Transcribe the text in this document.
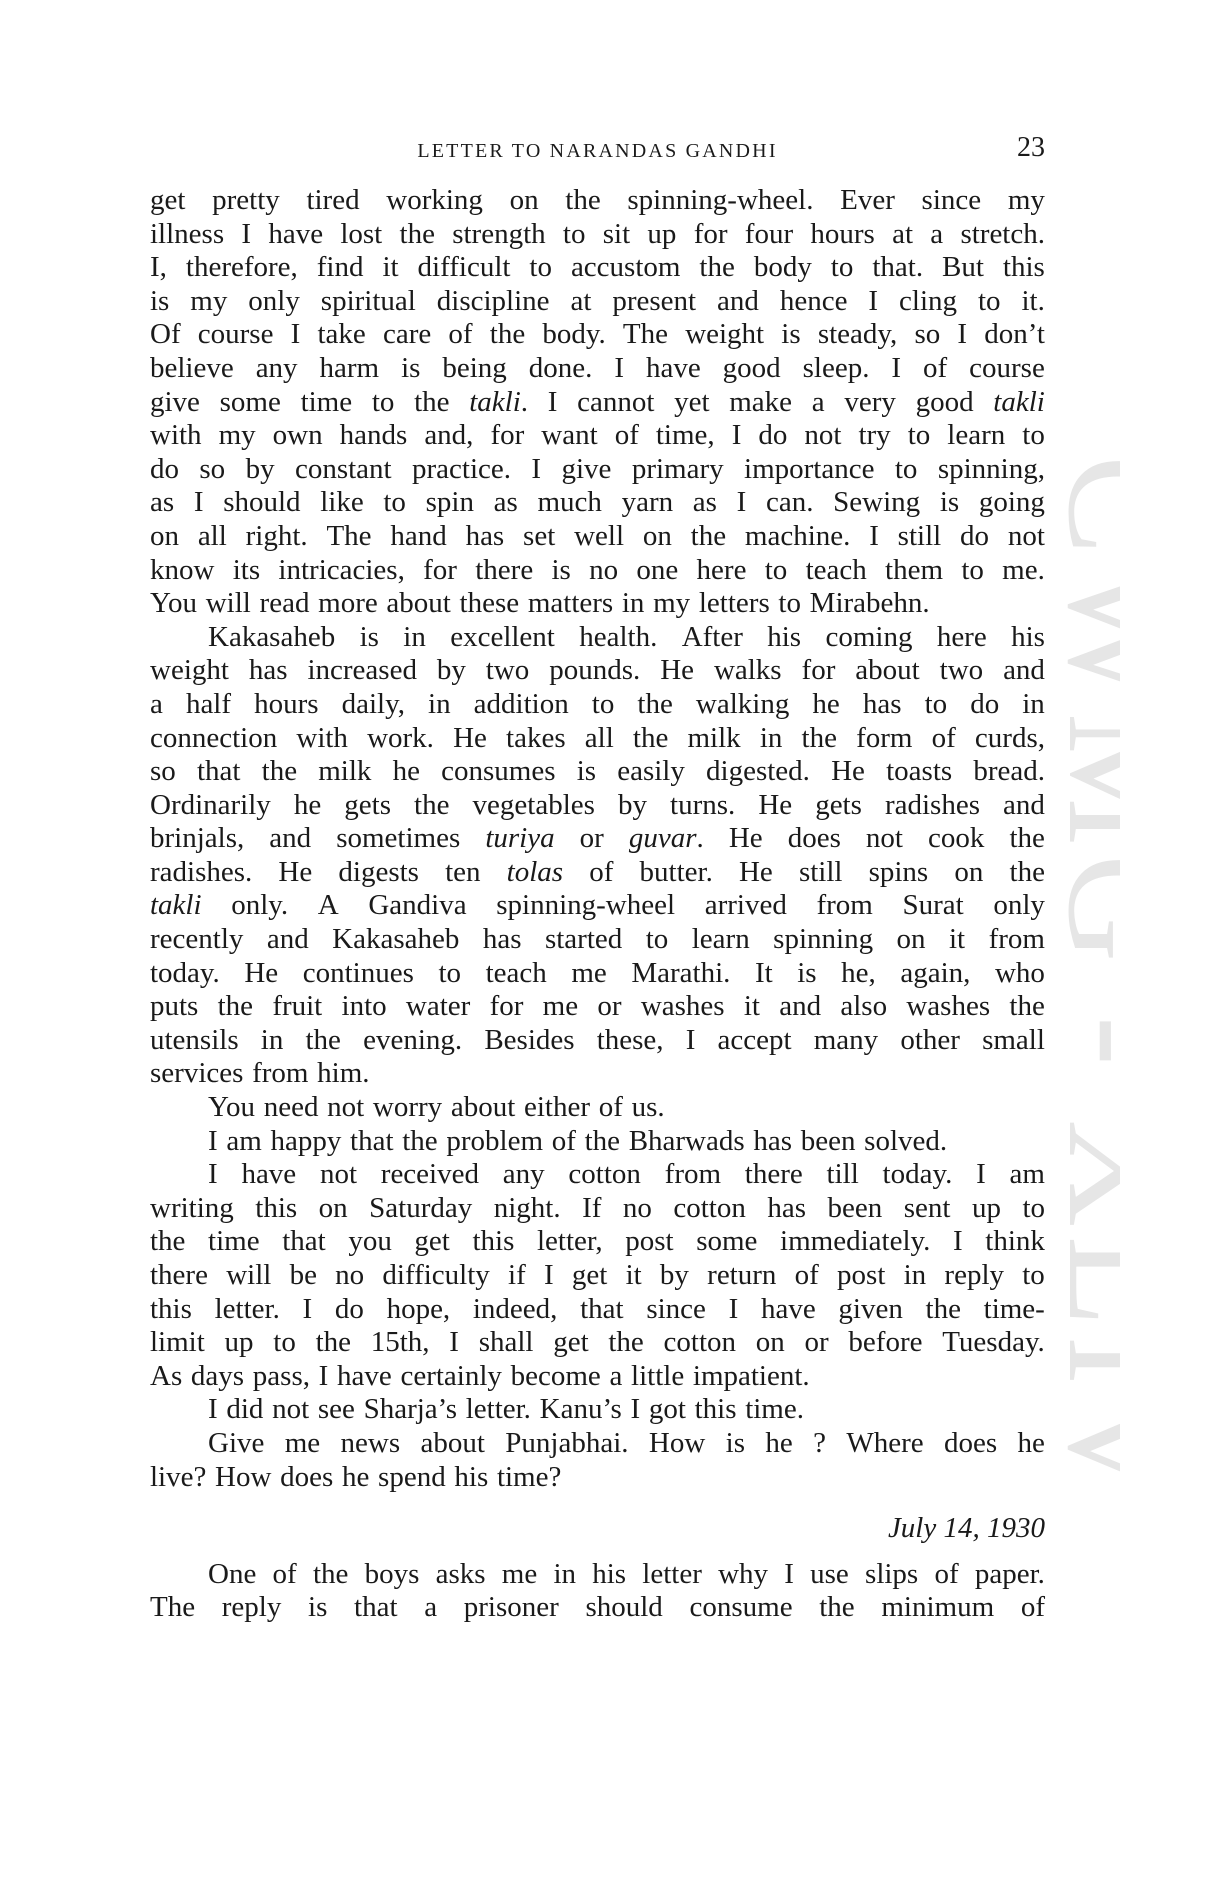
CWMG XLIV
LETTER TO NARANDAS GANDHI	23
get pretty tired working on the spinning-wheel. Ever since my
illness I have lost the strength to sit up for four hours at a stretch.
I, therefore, find it difficult to accustom the body to that. But this
is my only spiritual discipline at present and hence I cling to it.
Of course I take care of the body. The weight is steady, so I don’t
believe any harm is being done. I have good sleep. I of course
give some time to the takli. I cannot yet make a very good takli
with my own hands and, for want of time, I do not try to learn to
do so by constant practice. I give primary importance to spinning,
as I should like to spin as much yarn as I can. Sewing is going
on all right. The hand has set well on the machine. I still do not
know its intricacies, for there is no one here to teach them to me.
You will read more about these matters in my letters to Mirabehn.
Kakasaheb is in excellent health. After his coming here his
weight has increased by two pounds. He walks for about two and
a half hours daily, in addition to the walking he has to do in
connection with work. He takes all the milk in the form of curds,
so that the milk he consumes is easily digested. He toasts bread.
Ordinarily he gets the vegetables by turns. He gets radishes and
brinjals, and sometimes turiya or guvar. He does not cook the
radishes. He digests ten tolas of butter. He still spins on the
takli only. A Gandiva spinning-wheel arrived from Surat only
recently and Kakasaheb has started to learn spinning on it from
today. He continues to teach me Marathi. It is he, again, who
puts the fruit into water for me or washes it and also washes the
utensils in the evening. Besides these, I accept many other small
services from him.
You need not worry about either of us.
I am happy that the problem of the Bharwads has been solved.
I have not received any cotton from there till today. I am
writing this on Saturday night. If no cotton has been sent up to
the time that you get this letter, post some immediately. I think
there will be no difficulty if I get it by return of post in reply to
this letter. I do hope, indeed, that since I have given the time-
limit up to the 15th, I shall get the cotton on or before Tuesday.
As days pass, I have certainly become a little impatient.
I did not see Sharja’s letter. Kanu’s I got this time.
Give me news about Punjabhai. How is he ? Where does he
live? How does he spend his time?
July 14, 1930
One of the boys asks me in his letter why I use slips of paper.
The reply is that a prisoner should consume the minimum of
